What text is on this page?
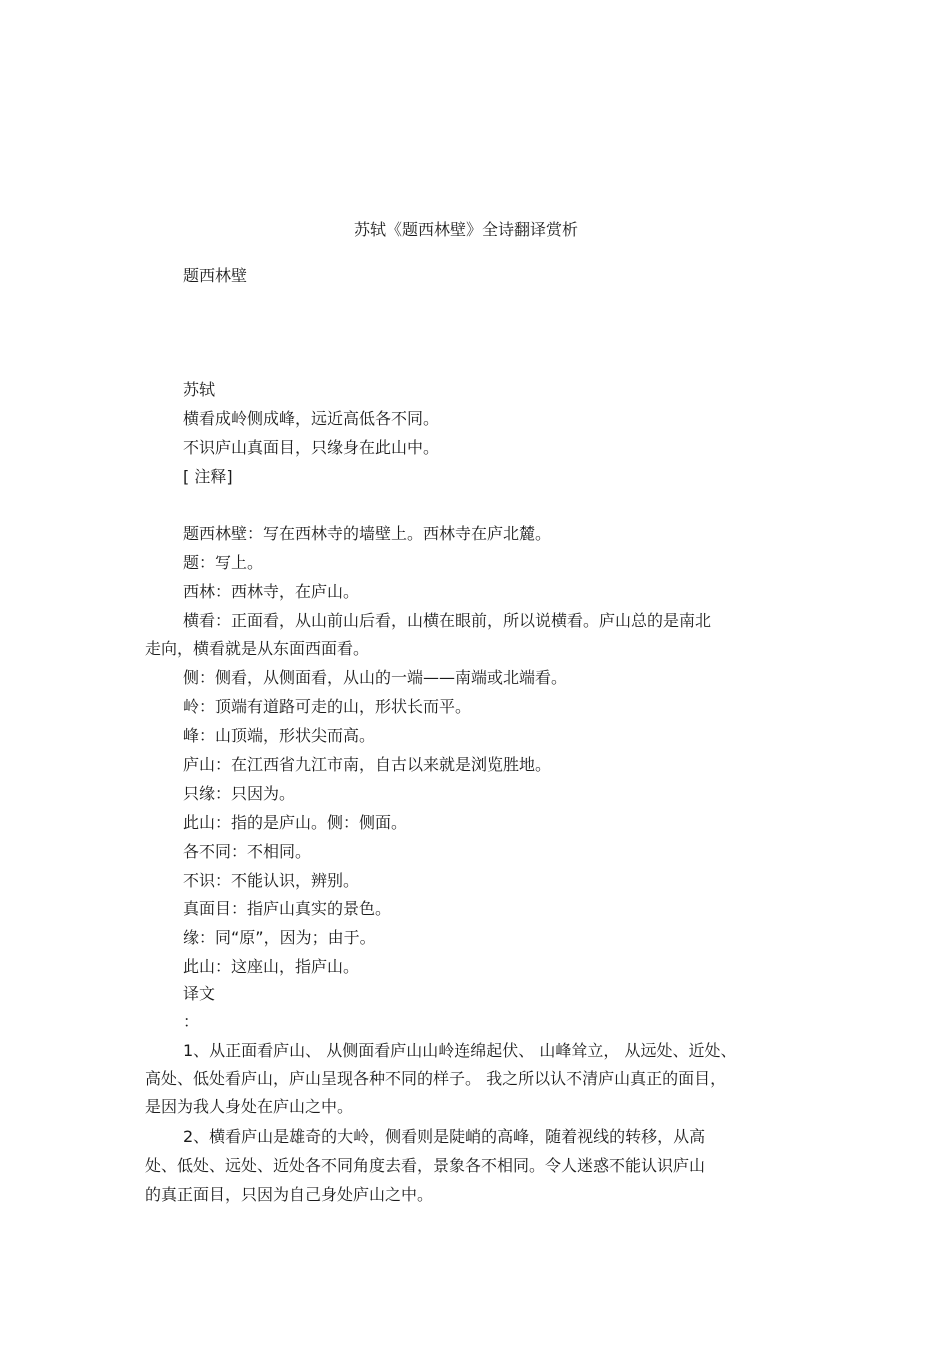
苏轼《题西林壁》全诗翻译赏析
题西林壁
苏轼
横看成岭侧成峰，远近高低各不同。
不识庐山真面目，只缘身在此山中。
[ 注释]
题西林壁：写在西林寺的墙壁上。西林寺在庐北麓。
题：写上。
西林：西林寺，在庐山。
横看：正面看，从山前山后看，山横在眼前，所以说横看。庐山总的是南北
走向，横看就是从东面西面看。
侧：侧看，从侧面看，从山的一端——南端或北端看。
岭：顶端有道路可走的山，形状长而平。
峰：山顶端，形状尖而高。
庐山：在江西省九江市南，自古以来就是浏览胜地。
只缘：只因为。
此山：指的是庐山。侧：侧面。
各不同：不相同。
不识：不能认识，辨别。
真面目：指庐山真实的景色。
缘：同“原”，因为；由于。
此山：这座山，指庐山。
译文
：
1、从正面看庐山、 从侧面看庐山山岭连绵起伏、 山峰耸立， 从远处、近处、
高处、低处看庐山，庐山呈现各种不同的样子。 我之所以认不清庐山真正的面目，
是因为我人身处在庐山之中。
2、横看庐山是雄奇的大岭，侧看则是陡峭的高峰，随着视线的转移，从高
处、低处、远处、近处各不同角度去看，景象各不相同。令人迷惑不能认识庐山
的真正面目，只因为自己身处庐山之中。
